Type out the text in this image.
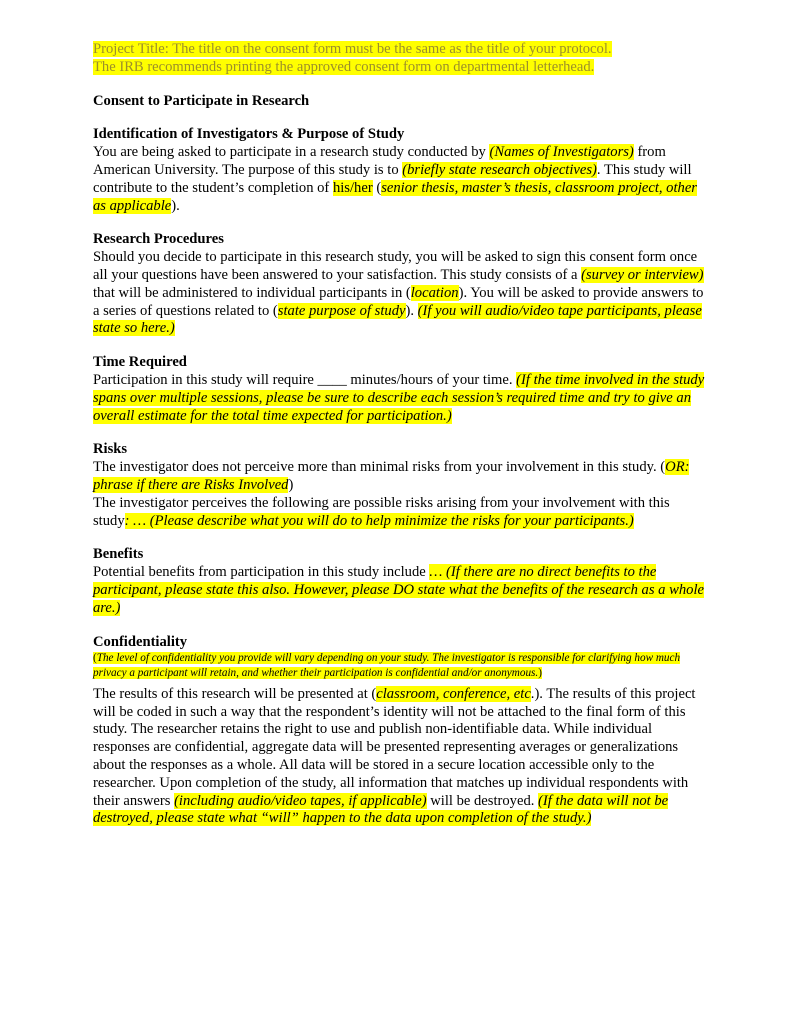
Project Title: The title on the consent form must be the same as the title of your protocol.
The IRB recommends printing the approved consent form on departmental letterhead.
Consent to Participate in Research
Identification of Investigators & Purpose of Study

You are being asked to participate in a research study conducted by (Names of Investigators) from American University. The purpose of this study is to (briefly state research objectives). This study will contribute to the student’s completion of his/her (senior thesis, master’s thesis, classroom project, other as applicable).

Research Procedures

Should you decide to participate in this research study, you will be asked to sign this consent form once all your questions have been answered to your satisfaction. This study consists of a (survey or interview) that will be administered to individual participants in (location). You will be asked to provide answers to a series of questions related to (state purpose of study). (If you will audio/video tape participants, please state so here.)

Time Required

Participation in this study will require ____ minutes/hours of your time. (If the time involved in the study spans over multiple sessions, please be sure to describe each session’s required time and try to give an overall estimate for the total time expected for participation.)

Risks

The investigator does not perceive more than minimal risks from your involvement in this study. (OR: phrase if there are Risks Involved)

The investigator perceives the following are possible risks arising from your involvement with this study: … (Please describe what you will do to help minimize the risks for your participants.)

Benefits

Potential benefits from participation in this study include … (If there are no direct benefits to the participant, please state this also. However, please DO state what the benefits of the research as a whole are.)

Confidentiality

(The level of confidentiality you provide will vary depending on your study. The investigator is responsible for clarifying how much privacy a participant will retain, and whether their participation is confidential and/or anonymous.)

The results of this research will be presented at (classroom, conference, etc.). The results of this project will be coded in such a way that the respondent’s identity will not be attached to the final form of this study. The researcher retains the right to use and publish non-identifiable data. While individual responses are confidential, aggregate data will be presented representing averages or generalizations about the responses as a whole. All data will be stored in a secure location accessible only to the researcher. Upon completion of the study, all information that matches up individual respondents with their answers (including audio/video tapes, if applicable) will be destroyed. (If the data will not be destroyed, please state what “will” happen to the data upon completion of the study.)
